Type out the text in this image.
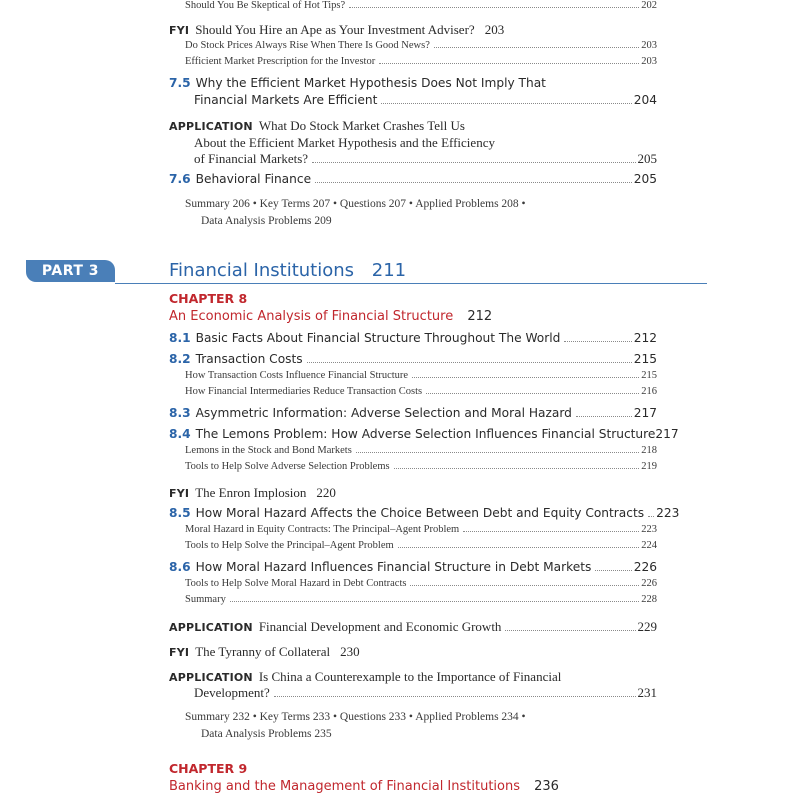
Should You Be Skeptical of Hot Tips?	202
FYI Should You Hire an Ape as Your Investment Adviser? 203
Do Stock Prices Always Rise When There Is Good News?	203
Efficient Market Prescription for the Investor	203
7.5 Why the Efficient Market Hypothesis Does Not Imply That
Financial Markets Are Efficient	204
APPLICATION What Do Stock Market Crashes Tell Us
About the Efficient Market Hypothesis and the Efficiency
of Financial Markets?	205
7.6 Behavioral Finance	205
Summary 206 • Key Terms 207 • Questions 207 • Applied Problems 208 •
Data Analysis Problems 209
PART 3	Financial Institutions 211
CHAPTER 8
An Economic Analysis of Financial Structure 212
8.1 Basic Facts About Financial Structure Throughout The World	212
8.2 Transaction Costs	215
How Transaction Costs Influence Financial Structure	215
How Financial Intermediaries Reduce Transaction Costs	216
8.3 Asymmetric Information: Adverse Selection and Moral Hazard	217
8.4 The Lemons Problem: How Adverse Selection Influences Financial Structure 217
Lemons in the Stock and Bond Markets	218
Tools to Help Solve Adverse Selection Problems	219
FYI The Enron Implosion 220
8.5 How Moral Hazard Affects the Choice Between Debt and Equity Contracts 223
Moral Hazard in Equity Contracts: The Principal–Agent Problem	223
Tools to Help Solve the Principal–Agent Problem	224
8.6 How Moral Hazard Influences Financial Structure in Debt Markets	226
Tools to Help Solve Moral Hazard in Debt Contracts	226
Summary	228
APPLICATION Financial Development and Economic Growth	229
FYI The Tyranny of Collateral 230
APPLICATION Is China a Counterexample to the Importance of Financial
Development?	231
Summary 232 • Key Terms 233 • Questions 233 • Applied Problems 234 •
Data Analysis Problems 235
CHAPTER 9
Banking and the Management of Financial Institutions 236
